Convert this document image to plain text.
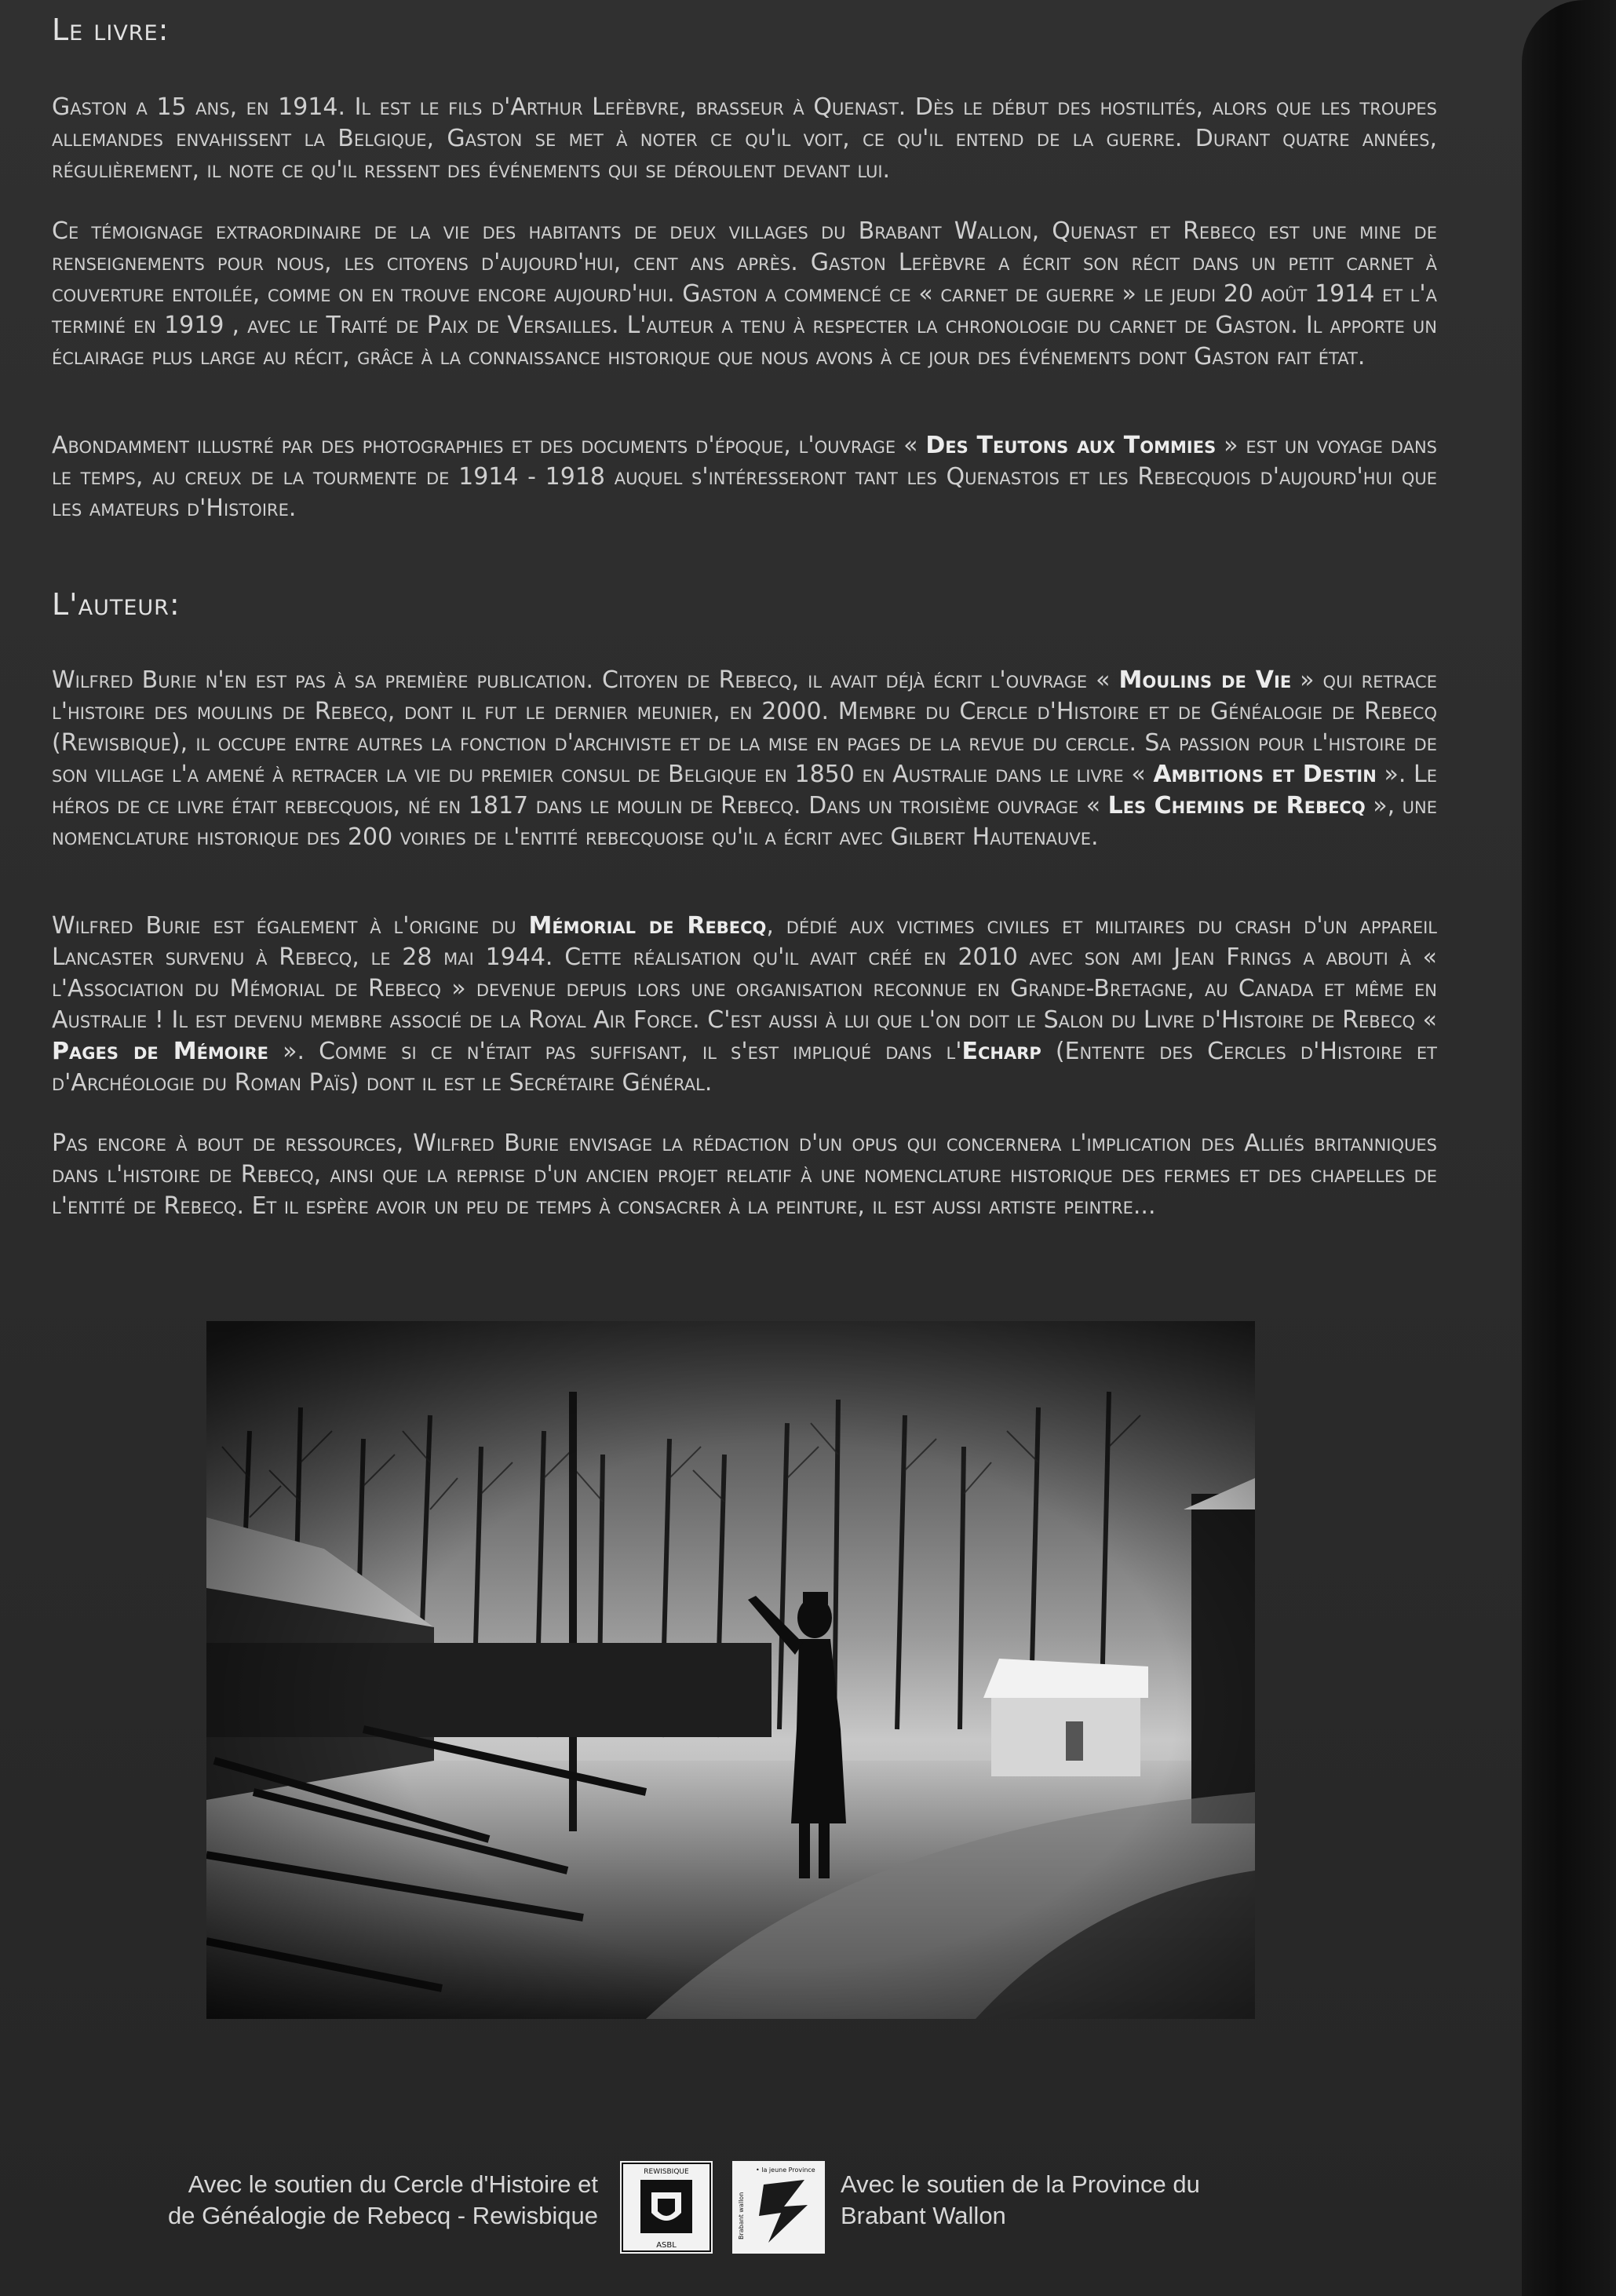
Le livre:

Gaston a 15 ans, en 1914. Il est le fils d'Arthur Lefèbvre, brasseur à Quenast. Dès le début des hostilités, alors que les troupes allemandes envahissent la Belgique, Gaston se met à noter ce qu'il voit, ce qu'il entend de la guerre. Durant quatre années, régulièrement, il note ce qu'il ressent des événements qui se déroulent devant lui.

Ce témoignage extraordinaire de la vie des habitants de deux villages du Brabant Wallon, Quenast et Rebecq est une mine de renseignements pour nous, les citoyens d'aujourd'hui, cent ans après. Gaston Lefèbvre a écrit son récit dans un petit carnet à couverture entoilée, comme on en trouve encore aujourd'hui. Gaston a commencé ce « carnet de guerre » le jeudi 20 août 1914 et l'a terminé en 1919 , avec le Traité de Paix de Versailles. L'auteur a tenu à respecter la chronologie du carnet de Gaston. Il apporte un éclairage plus large au récit, grâce à la connaissance historique que nous avons à ce jour des événements dont Gaston fait état.

Abondamment illustré par des photographies et des documents d'époque, l'ouvrage « Des Teutons aux Tommies » est un voyage dans le temps, au creux de la tourmente de 1914 - 1918 auquel s'intéresseront tant les Quenastois et les Rebecquois d'aujourd'hui que les amateurs d'Histoire.

L'auteur:

Wilfred Burie n'en est pas à sa première publication. Citoyen de Rebecq, il avait déjà écrit l'ouvrage « Moulins de Vie » qui retrace l'histoire des moulins de Rebecq, dont il fut le dernier meunier, en 2000. Membre du Cercle d'Histoire et de Généalogie de Rebecq (Rewisbique), il occupe entre autres la fonction d'archiviste et de la mise en pages de la revue du cercle. Sa passion pour l'histoire de son village l'a amené à retracer la vie du premier consul de Belgique en 1850 en Australie dans le livre « Ambitions et Destin ». Le héros de ce livre était rebecquois, né en 1817 dans le moulin de Rebecq. Dans un troisième ouvrage « Les Chemins de Rebecq », une nomenclature historique des 200 voiries de l'entité rebecquoise qu'il a écrit avec Gilbert Hautenauve.

Wilfred Burie est également à l'origine du Mémorial de Rebecq, dédié aux victimes civiles et militaires du crash d'un appareil Lancaster survenu à Rebecq, le 28 mai 1944. Cette réalisation qu'il avait créé en 2010 avec son ami Jean Frings a abouti à « l'Association du Mémorial de Rebecq » devenue depuis lors une organisation reconnue en Grande-Bretagne, au Canada et même en Australie ! Il est devenu membre associé de la Royal Air Force. C'est aussi à lui que l'on doit le Salon du Livre d'Histoire de Rebecq « Pages de Mémoire ». Comme si ce n'était pas suffisant, il s'est impliqué dans l'Echarp (Entente des Cercles d'Histoire et d'Archéologie du Roman Païs) dont il est le Secrétaire Général.

Pas encore à bout de ressources, Wilfred Burie envisage la rédaction d'un opus qui concernera l'implication des Alliés britanniques dans l'histoire de Rebecq, ainsi que la reprise d'un ancien projet relatif à une nomenclature historique des fermes et des chapelles de l'entité de Rebecq. Et il espère avoir un peu de temps à consacrer à la peinture, il est aussi artiste peintre...

Avec le soutien du Cercle d'Histoire et
de Généalogie de Rebecq - Rewisbique
REWISBIQUE
ASBL
• la jeune Province
Brabant wallon
Avec le soutien de la Province du
Brabant Wallon
